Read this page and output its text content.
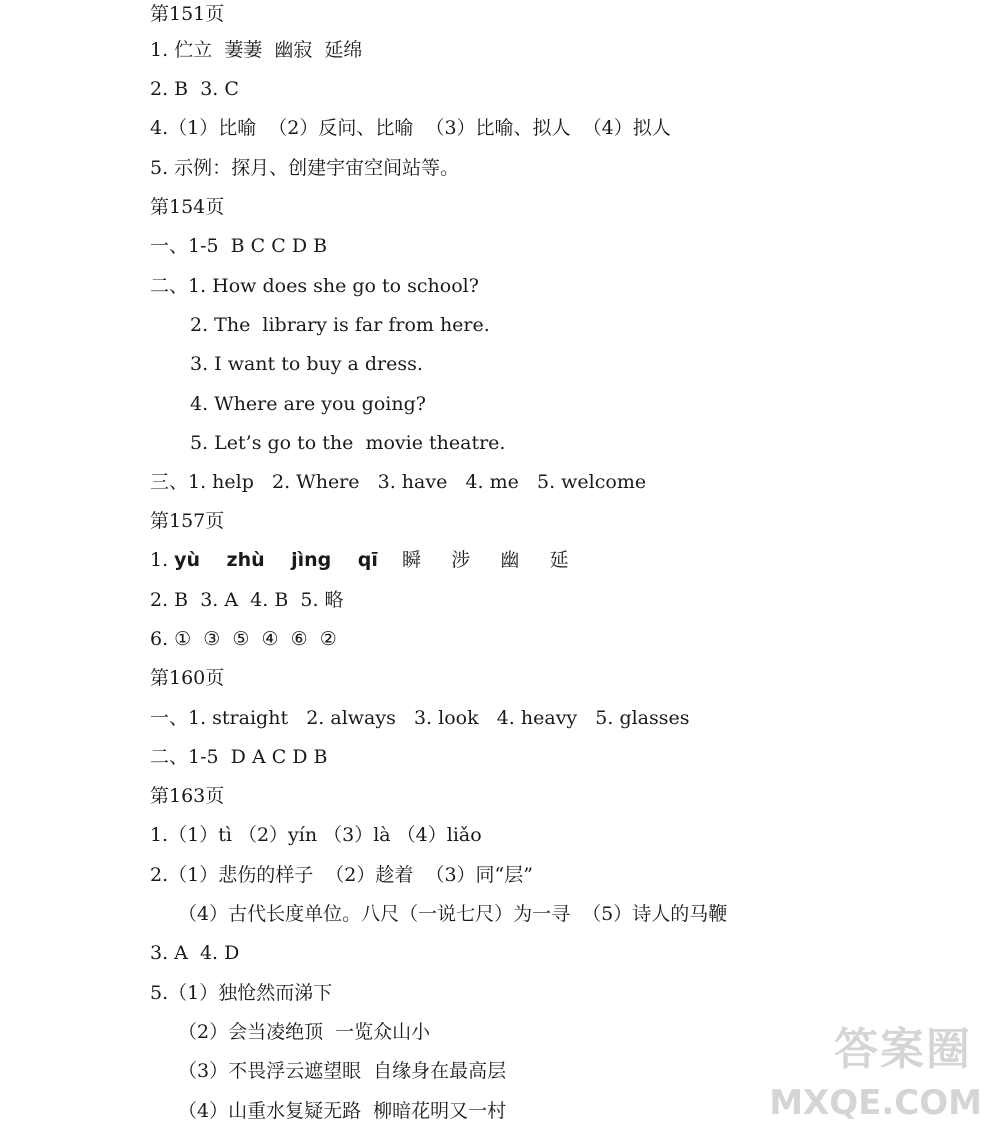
第151页
1. 伫立  萋萋  幽寂  延绵
2. B  3. C
4.（1）比喻  （2）反问、比喻  （3）比喻、拟人  （4）拟人
5. 示例：探月、创建宇宙空间站等。
第154页
一、1-5  B C C D B
二、1. How does she go to school?
2. The  library is far from here.
3. I want to buy a dress.
4. Where are you going?
5. Let’s go to the  movie theatre.
三、1. help   2. Where   3. have   4. me   5. welcome
第157页
1. yù    zhù    jìng    qī    瞬     涉     幽     延
2. B  3. A  4. B  5. 略
6. ①  ③  ⑤  ④  ⑥  ②
第160页
一、1. straight   2. always   3. look   4. heavy   5. glasses
二、1-5  D A C D B
第163页
1.（1）tì （2）yín （3）là （4）liǎo
2.（1）悲伤的样子  （2）趁着  （3）同“层”
（4）古代长度单位。八尺（一说七尺）为一寻  （5）诗人的马鞭
3. A  4. D
5.（1）独怆然而涕下
（2）会当凌绝顶  一览众山小
（3）不畏浮云遮望眼  自缘身在最高层
（4）山重水复疑无路  柳暗花明又一村
答案圈
MXQE.COM
